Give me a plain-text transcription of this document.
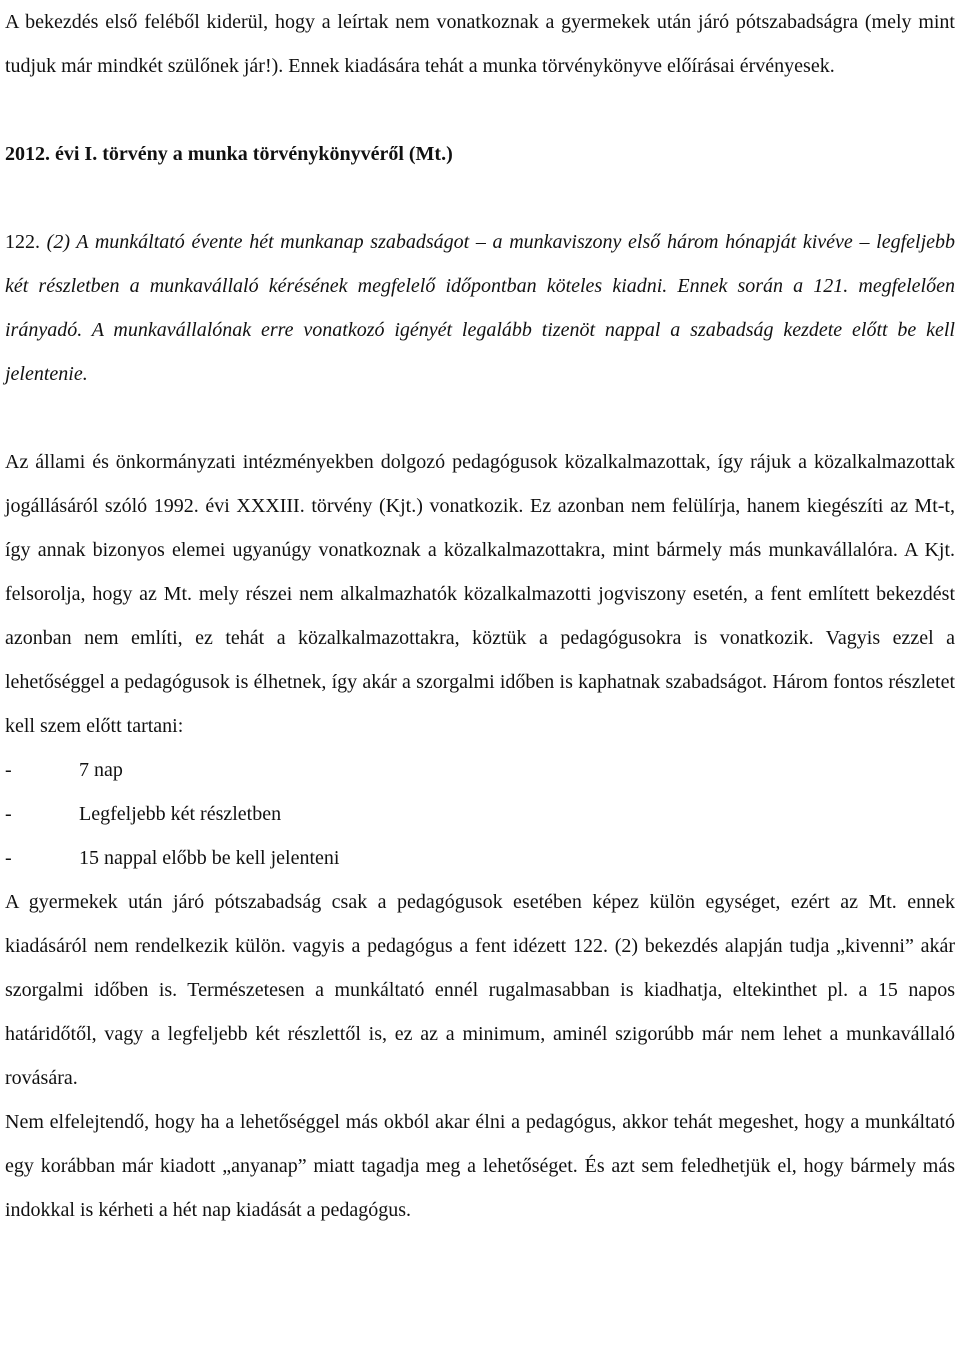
A bekezdés első feléből kiderül, hogy a leírtak nem vonatkoznak a gyermekek után járó pótszabadságra (mely mint tudjuk már mindkét szülőnek jár!). Ennek kiadására tehát a munka törvénykönyve előírásai érvényesek.

2012. évi I. törvény a munka törvénykönyvéről (Mt.)

122. (2) A munkáltató évente hét munkanap szabadságot – a munkaviszony első három hónapját kivéve – legfeljebb két részletben a munkavállaló kérésének megfelelő időpontban köteles kiadni. Ennek során a 121. megfelelően irányadó. A munkavállalónak erre vonatkozó igényét legalább tizenöt nappal a szabadság kezdete előtt be kell jelentenie.

Az állami és önkormányzati intézményekben dolgozó pedagógusok közalkalmazottak, így rájuk a közalkalmazottak jogállásáról szóló 1992. évi XXXIII. törvény (Kjt.) vonatkozik. Ez azonban nem felülírja, hanem kiegészíti az Mt-t, így annak bizonyos elemei ugyanúgy vonatkoznak a közalkalmazottakra, mint bármely más munkavállalóra. A Kjt. felsorolja, hogy az Mt. mely részei nem alkalmazhatók közalkalmazotti jogviszony esetén, a fent említett bekezdést azonban nem említi, ez tehát a közalkalmazottakra, köztük a pedagógusokra is vonatkozik. Vagyis ezzel a lehetőséggel a pedagógusok is élhetnek, így akár a szorgalmi időben is kaphatnak szabadságot. Három fontos részletet kell szem előtt tartani:

-	7 nap
-	Legfeljebb két részletben
-	15 nappal előbb be kell jelenteni

A gyermekek után járó pótszabadság csak a pedagógusok esetében képez külön egységet, ezért az Mt. ennek kiadásáról nem rendelkezik külön. vagyis a pedagógus a fent idézett 122. (2) bekezdés alapján tudja „kivenni” akár szorgalmi időben is. Természetesen a munkáltató ennél rugalmasabban is kiadhatja, eltekinthet pl. a 15 napos határidőtől, vagy a legfeljebb két részlettől is, ez az a minimum, aminél szigorúbb már nem lehet a munkavállaló rovására.

Nem elfelejtendő, hogy ha a lehetőséggel más okból akar élni a pedagógus, akkor tehát megeshet, hogy a munkáltató egy korábban már kiadott „anyanap” miatt tagadja meg a lehetőséget. És azt sem feledhetjük el, hogy bármely más indokkal is kérheti a hét nap kiadását a pedagógus.
